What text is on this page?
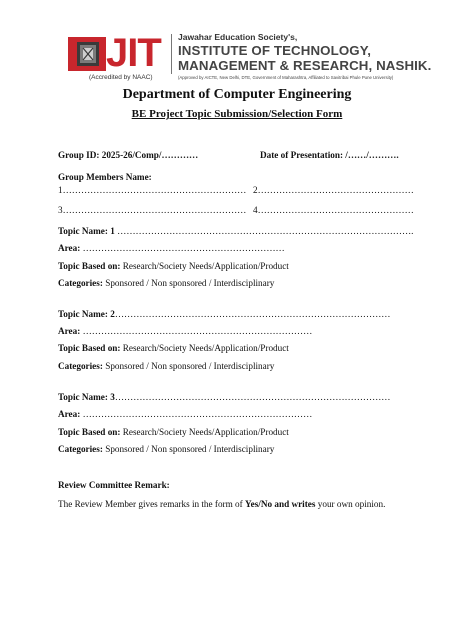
JIT
(Accredited by NAAC)
Jawahar Education Society's,
INSTITUTE OF TECHNOLOGY,
MANAGEMENT & RESEARCH, NASHIK.
(Approved by AICTE, New Delhi, DTE, Government of Maharashtra, Affiliated to Savitribai Phule Pune University)
Department of Computer Engineering
BE Project Topic Submission/Selection Form
Group ID: 2025-26/Comp/…………	Date of Presentation: /……/……….
Group Members Name:
1…………………………………………………… 2……………………………………………
3…………………………………………………… 4……………………………………………
Topic Name: 1 …………………………………………………………………………………….
Area: …………………………………………………………
Topic Based on: Research/Society Needs/Application/Product
Categories: Sponsored / Non sponsored / Interdisciplinary
Topic Name: 2………………………………………………………………………………
Area: …………………………………………………………………
Topic Based on: Research/Society Needs/Application/Product
Categories: Sponsored / Non sponsored / Interdisciplinary
Topic Name: 3………………………………………………………………………………
Area: …………………………………………………………………
Topic Based on: Research/Society Needs/Application/Product
Categories: Sponsored / Non sponsored / Interdisciplinary
Review Committee Remark:
The Review Member gives remarks in the form of Yes/No and writes your own opinion.
